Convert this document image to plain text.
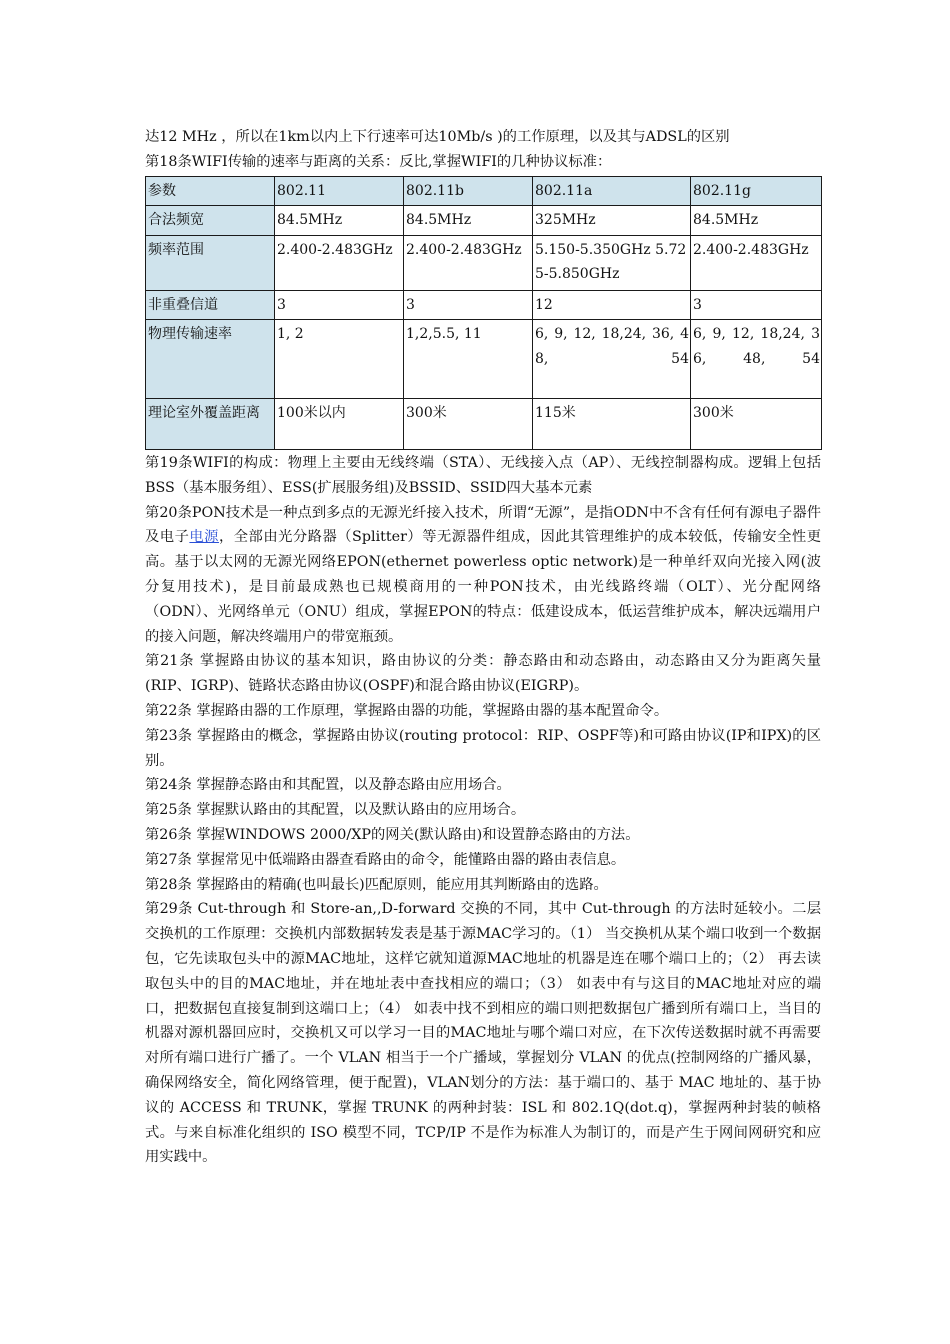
达12 MHz ，所以在1km以内上下行速率可达10Mb/s )的工作原理，以及其与ADSL的区别

第18条WIFI传输的速率与距离的关系：反比,掌握WIFI的几种协议标准：

参数	802.11	802.11b	802.11a	802.11g
合法频宽	84.5MHz	84.5MHz	325MHz	84.5MHz
频率范围	2.400-2.483GHz	2.400-2.483GHz	5.150-5.350GHz 5.725-5.850GHz	2.400-2.483GHz
非重叠信道	3	3	12	3
物理传输速率	1, 2	1,2,5.5, 11	6, 9, 12, 18,24, 36, 48, 54	6, 9, 12, 18,24, 36, 48, 54
理论室外覆盖距离	100米以内	300米	115米	300米

第19条WIFI的构成：物理上主要由无线终端（STA）、无线接入点（AP）、无线控制器构成。逻辑上包括BSS（基本服务组）、ESS(扩展服务组)及BSSID、SSID四大基本元素

第20条PON技术是一种点到多点的无源光纤接入技术，所谓“无源”，是指ODN中不含有任何有源电子器件及电子电源，全部由光分路器（Splitter）等无源器件组成，因此其管理维护的成本较低，传输安全性更高。基于以太网的无源光网络EPON(ethernet powerless optic network)是一种单纤双向光接入网(波分复用技术)，是目前最成熟也已规模商用的一种PON技术，由光线路终端（OLT）、光分配网络（ODN）、光网络单元（ONU）组成，掌握EPON的特点：低建设成本，低运营维护成本，解决远端用户的接入问题，解决终端用户的带宽瓶颈。

第21条 掌握路由协议的基本知识，路由协议的分类：静态路由和动态路由，动态路由又分为距离矢量(RIP、IGRP)、链路状态路由协议(OSPF)和混合路由协议(EIGRP)。

第22条 掌握路由器的工作原理，掌握路由器的功能，掌握路由器的基本配置命令。

第23条 掌握路由的概念，掌握路由协议(routing protocol：RIP、OSPF等)和可路由协议(IP和IPX)的区别。

第24条 掌握静态路由和其配置，以及静态路由应用场合。

第25条 掌握默认路由的其配置，以及默认路由的应用场合。

第26条 掌握WINDOWS 2000/XP的网关(默认路由)和设置静态路由的方法。

第27条 掌握常见中低端路由器查看路由的命令，能懂路由器的路由表信息。

第28条 掌握路由的精确(也叫最长)匹配原则，能应用其判断路由的选路。

第29条 Cut-through 和 Store-an,,D-forward 交换的不同，其中 Cut-through 的方法时延较小。二层交换机的工作原理：交换机内部数据转发表是基于源MAC学习的。（1） 当交换机从某个端口收到一个数据包，它先读取包头中的源MAC地址，这样它就知道源MAC地址的机器是连在哪个端口上的；（2） 再去读取包头中的目的MAC地址，并在地址表中查找相应的端口；（3） 如表中有与这目的MAC地址对应的端口，把数据包直接复制到这端口上；（4） 如表中找不到相应的端口则把数据包广播到所有端口上，当目的机器对源机器回应时，交换机又可以学习一目的MAC地址与哪个端口对应，在下次传送数据时就不再需要对所有端口进行广播了。一个 VLAN 相当于一个广播域，掌握划分 VLAN 的优点(控制网络的广播风暴，确保网络安全，简化网络管理，便于配置)，VLAN划分的方法：基于端口的、基于 MAC 地址的、基于协议的 ACCESS 和 TRUNK，掌握 TRUNK 的两种封装：ISL 和 802.1Q(dot.q)，掌握两种封装的帧格式。与来自标准化组织的 ISO 模型不同，TCP/IP 不是作为标准人为制订的，而是产生于网间网研究和应用实践中。
